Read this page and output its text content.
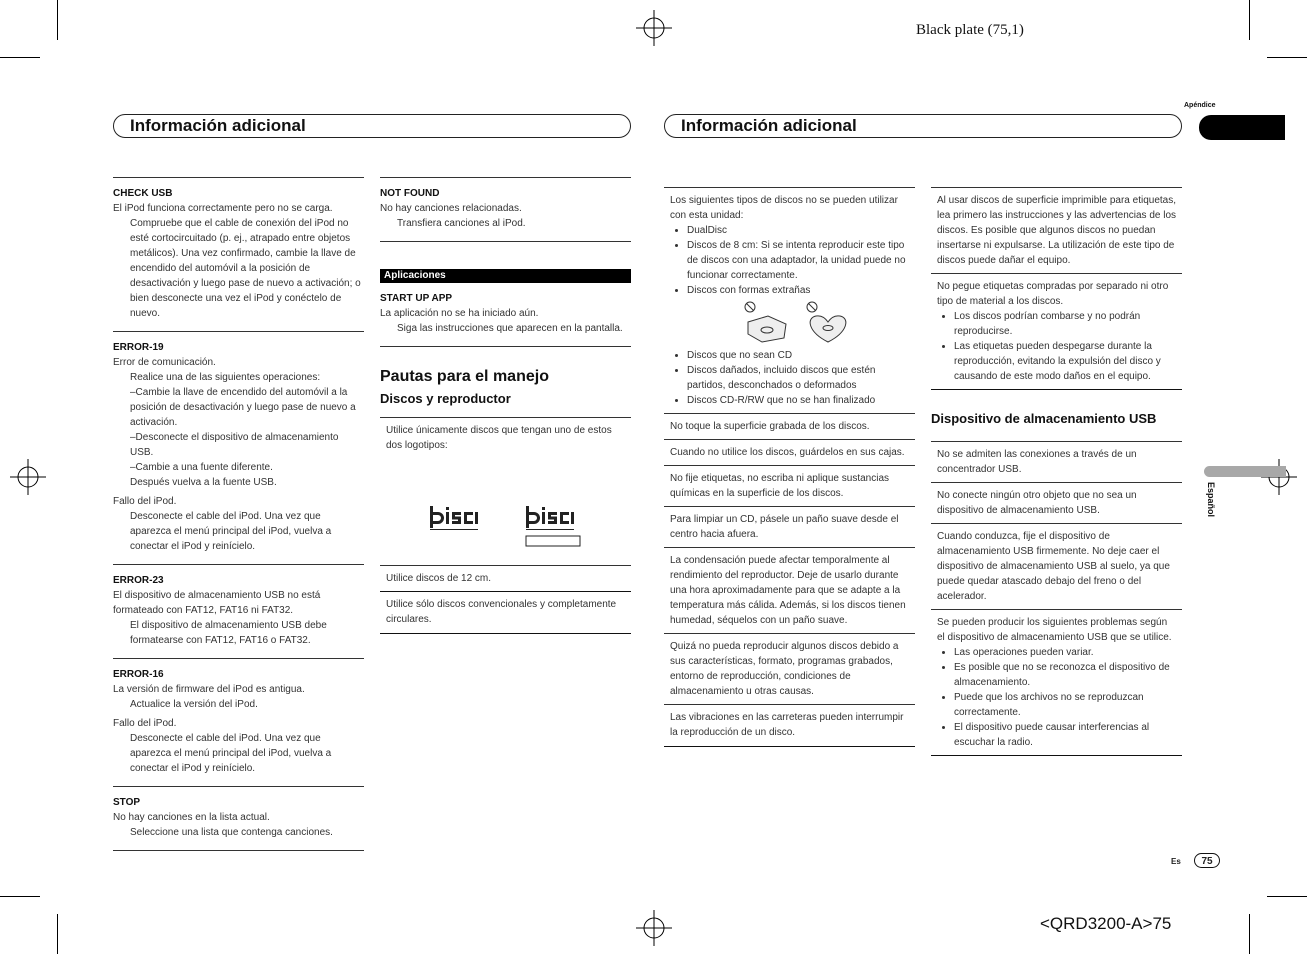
Black plate (75,1)
<QRD3200-A>75
Apéndice
Español
Información adicional	Información adicional

CHECK USB

El iPod funciona correctamente pero no se carga.

Compruebe que el cable de conexión del iPod no esté cortocircuitado (p. ej., atrapado entre objetos metálicos). Una vez confirmado, cambie la llave de encendido del automóvil a la posición de desactivación y luego pase de nuevo a activación; o bien desconecte una vez el iPod y conéctelo de nuevo.

ERROR-19

Error de comunicación.

Realice una de las siguientes operaciones:

–Cambie la llave de encendido del automóvil a la posición de desactivación y luego pase de nuevo a activación.

–Desconecte el dispositivo de almacenamiento USB.

–Cambie a una fuente diferente.

Después vuelva a la fuente USB.

Fallo del iPod.

Desconecte el cable del iPod. Una vez que aparezca el menú principal del iPod, vuelva a conectar el iPod y reinícielo.

ERROR-23

El dispositivo de almacenamiento USB no está formateado con FAT12, FAT16 ni FAT32.

El dispositivo de almacenamiento USB debe formatearse con FAT12, FAT16 o FAT32.

ERROR-16

La versión de firmware del iPod es antigua.

Actualice la versión del iPod.

Fallo del iPod.

Desconecte el cable del iPod. Una vez que aparezca el menú principal del iPod, vuelva a conectar el iPod y reinícielo.

STOP

No hay canciones en la lista actual.

Seleccione una lista que contenga canciones.

NOT FOUND

No hay canciones relacionadas.

Transfiera canciones al iPod.

Aplicaciones

START UP APP

La aplicación no se ha iniciado aún.

Siga las instrucciones que aparecen en la pantalla.

Pautas para el manejo
Discos y reproductor

Utilice únicamente discos que tengan uno de estos dos logotipos:

Utilice discos de 12 cm.

Utilice sólo discos convencionales y completamente circulares.

Los siguientes tipos de discos no se pueden utilizar con esta unidad:

• DualDisc
• Discos de 8 cm: Si se intenta reproducir este tipo de discos con una adaptador, la unidad puede no funcionar correctamente.
• Discos con formas extrañas
• Discos que no sean CD
• Discos dañados, incluido discos que estén partidos, desconchados o deformados
• Discos CD-R/RW que no se han finalizado

No toque la superficie grabada de los discos.

Cuando no utilice los discos, guárdelos en sus cajas.

No fije etiquetas, no escriba ni aplique sustancias químicas en la superficie de los discos.

Para limpiar un CD, pásele un paño suave desde el centro hacia afuera.

La condensación puede afectar temporalmente al rendimiento del reproductor. Deje de usarlo durante una hora aproximadamente para que se adapte a la temperatura más cálida. Además, si los discos tienen humedad, séquelos con un paño suave.

Quizá no pueda reproducir algunos discos debido a sus características, formato, programas grabados, entorno de reproducción, condiciones de almacenamiento u otras causas.

Las vibraciones en las carreteras pueden interrumpir la reproducción de un disco.

Al usar discos de superficie imprimible para etiquetas, lea primero las instrucciones y las advertencias de los discos. Es posible que algunos discos no puedan insertarse ni expulsarse. La utilización de este tipo de discos puede dañar el equipo.

No pegue etiquetas compradas por separado ni otro tipo de material a los discos.

• Los discos podrían combarse y no podrán reproducirse.
• Las etiquetas pueden despegarse durante la reproducción, evitando la expulsión del disco y causando de este modo daños en el equipo.
Dispositivo de almacenamiento USB

No se admiten las conexiones a través de un concentrador USB.

No conecte ningún otro objeto que no sea un dispositivo de almacenamiento USB.

Cuando conduzca, fije el dispositivo de almacenamiento USB firmemente. No deje caer el dispositivo de almacenamiento USB al suelo, ya que puede quedar atascado debajo del freno o del acelerador.

Se pueden producir los siguientes problemas según el dispositivo de almacenamiento USB que se utilice.

• Las operaciones pueden variar.
• Es posible que no se reconozca el dispositivo de almacenamiento.
• Puede que los archivos no se reproduzcan correctamente.
• El dispositivo puede causar interferencias al escuchar la radio.
Es	75
